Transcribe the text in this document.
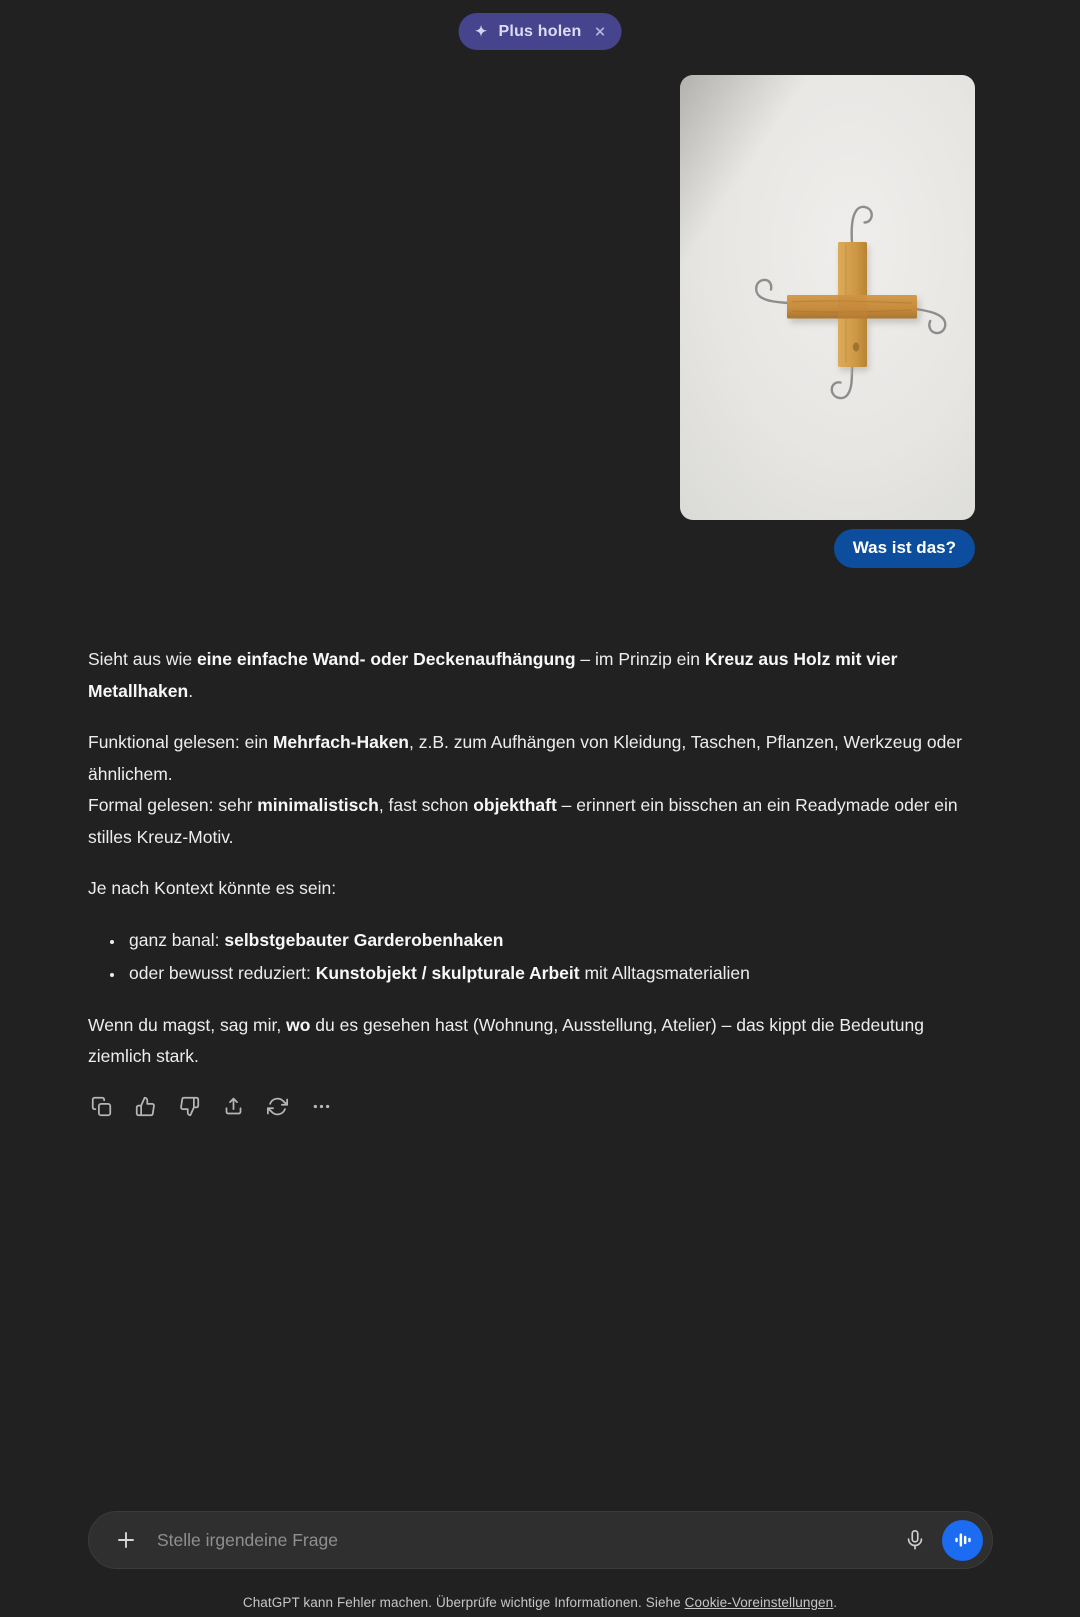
Plus holen
Was ist das?

Sieht aus wie eine einfache Wand- oder Deckenaufhängung – im Prinzip ein Kreuz aus Holz mit vier Metallhaken.

Funktional gelesen: ein Mehrfach-Haken, z.B. zum Aufhängen von Kleidung, Taschen, Pflanzen, Werkzeug oder ähnlichem.
Formal gelesen: sehr minimalistisch, fast schon objekthaft – erinnert ein bisschen an ein Readymade oder ein stilles Kreuz-Motiv.

Je nach Kontext könnte es sein:

• ganz banal: selbstgebauter Garderobenhaken
• oder bewusst reduziert: Kunstobjekt / skulpturale Arbeit mit Alltagsmaterialien

Wenn du magst, sag mir, wo du es gesehen hast (Wohnung, Ausstellung, Atelier) – das kippt die Bedeutung ziemlich stark.

Stelle irgendeine Frage
ChatGPT kann Fehler machen. Überprüfe wichtige Informationen. Siehe Cookie-Voreinstellungen.
